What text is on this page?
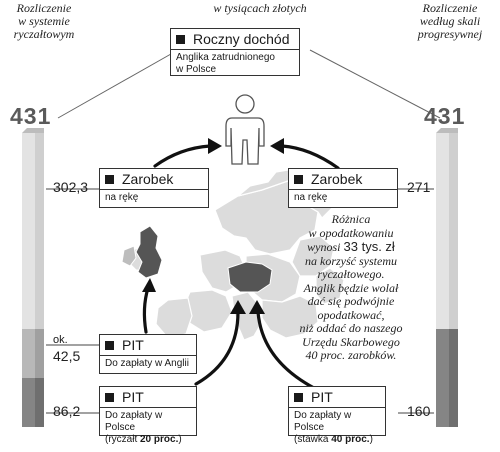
Rozliczenie
w systemie
ryczałtowym
w tysiącach złotych	Rozliczenie
według skali
progresywnej
431	431
Roczny dochód
Anglika zatrudnionego
w Polsce
Zarobek
na rękę
302,3	Zarobek
na rękę
271
Różnica
w opodatkowaniu
wynosi 33 tys. zł
na korzyść systemu
ryczałtowego.
Anglik będzie wolał
dać się podwójnie
opodatkować,
niż oddać do naszego
Urzędu Skarbowego
40 proc. zarobków.
PIT
Do zapłaty w Anglii
ok.
42,5
PIT
Do zapłaty w Polsce
(ryczałt 20 proc.)
86,2
PIT
Do zapłaty w Polsce
(stawka 40 proc.)
160
